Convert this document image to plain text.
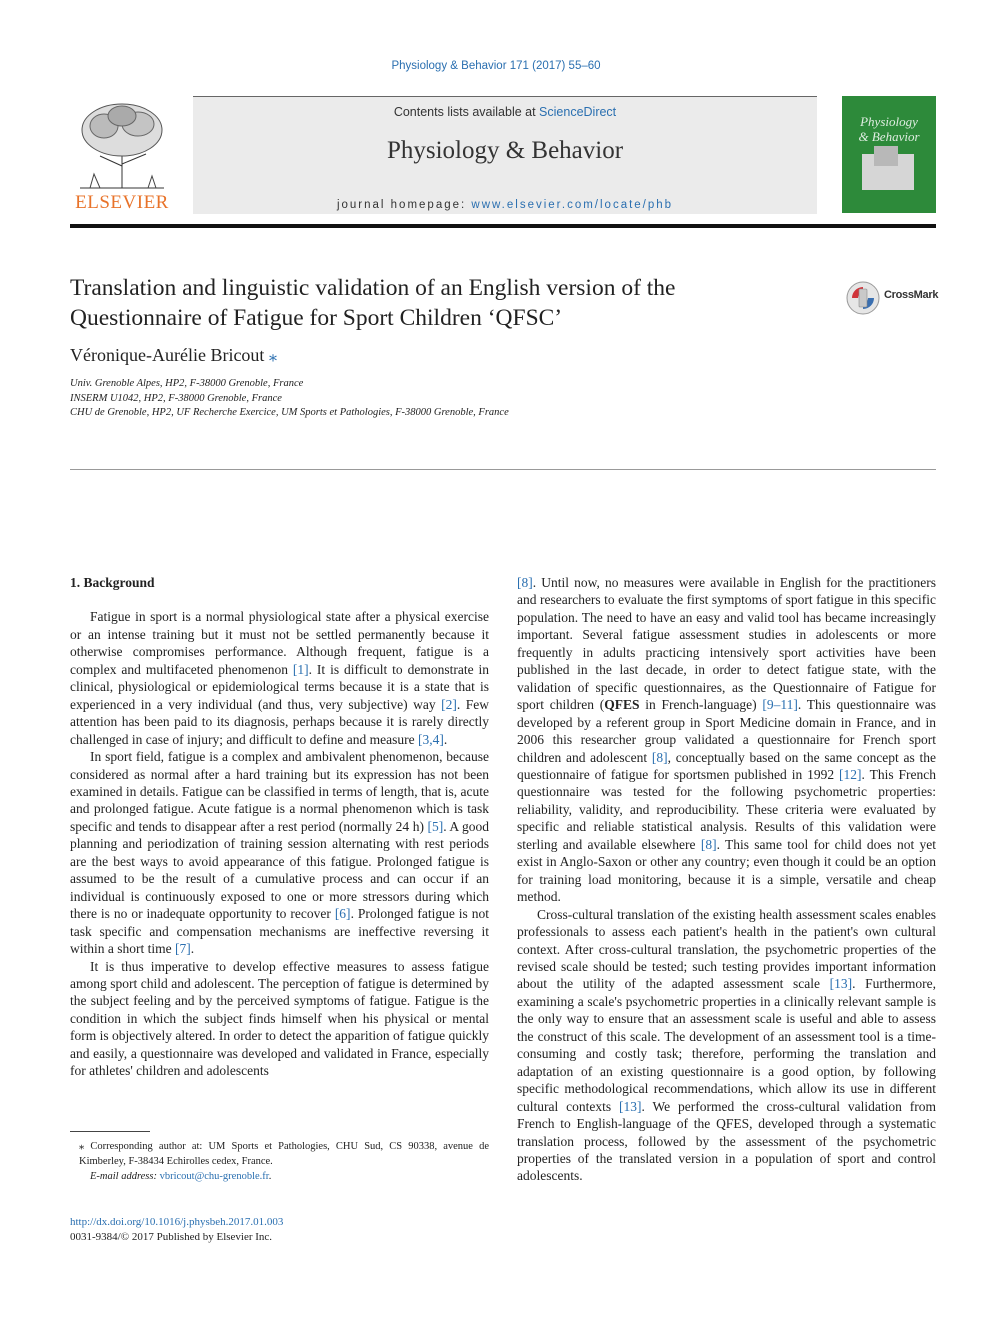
Physiology & Behavior 171 (2017) 55–60
ELSEVIER
Contents lists available at ScienceDirect
Physiology & Behavior
journal homepage: www.elsevier.com/locate/phb
Physiology
& Behavior
Translation and linguistic validation of an English version of the
Questionnaire of Fatigue for Sport Children ‘QFSC’
CrossMark
Véronique-Aurélie Bricout ⁎
Univ. Grenoble Alpes, HP2, F-38000 Grenoble, France
INSERM U1042, HP2, F-38000 Grenoble, France
CHU de Grenoble, HP2, UF Recherche Exercice, UM Sports et Pathologies, F-38000 Grenoble, France
1. Background

Fatigue in sport is a normal physiological state after a physical exercise or an intense training but it must not be settled permanently because it otherwise compromises performance. Although frequent, fatigue is a complex and multifaceted phenomenon [1]. It is difficult to demonstrate in clinical, physiological or epidemiological terms because it is a state that is experienced in a very individual (and thus, very subjective) way [2]. Few attention has been paid to its diagnosis, perhaps because it is rarely directly challenged in case of injury; and difficult to define and measure [3,4].

In sport field, fatigue is a complex and ambivalent phenomenon, because considered as normal after a hard training but its expression has not been examined in details. Fatigue can be classified in terms of length, that is, acute and prolonged fatigue. Acute fatigue is a normal phenomenon which is task specific and tends to disappear after a rest period (normally 24 h) [5]. A good planning and periodization of training session alternating with rest periods are the best ways to avoid appearance of this fatigue. Prolonged fatigue is assumed to be the result of a cumulative process and can occur if an individual is continuously exposed to one or more stressors during which there is no or inadequate opportunity to recover [6]. Prolonged fatigue is not task specific and compensation mechanisms are ineffective reversing it within a short time [7].

It is thus imperative to develop effective measures to assess fatigue among sport child and adolescent. The perception of fatigue is determined by the subject feeling and by the perceived symptoms of fatigue. Fatigue is the condition in which the subject finds himself when his physical or mental form is objectively altered. In order to detect the apparition of fatigue quickly and easily, a questionnaire was developed and validated in France, especially for athletes' children and adolescents

[8]. Until now, no measures were available in English for the practitioners and researchers to evaluate the first symptoms of sport fatigue in this specific population. The need to have an easy and valid tool has became increasingly important. Several fatigue assessment studies in adolescents or more frequently in adults practicing intensively sport activities have been published in the last decade, in order to detect fatigue state, with the validation of specific questionnaires, as the Questionnaire of Fatigue for sport children (QFES in French-language) [9–11]. This questionnaire was developed by a referent group in Sport Medicine domain in France, and in 2006 this researcher group validated a questionnaire for French sport children and adolescent [8], conceptually based on the same concept as the questionnaire of fatigue for sportsmen published in 1992 [12]. This French questionnaire was tested for the following psychometric properties: reliability, validity, and reproducibility. These criteria were evaluated by specific and reliable statistical analysis. Results of this validation were sterling and available elsewhere [8]. This same tool for child does not yet exist in Anglo-Saxon or other any country; even though it could be an option for training load monitoring, because it is a simple, versatile and cheap method.

Cross-cultural translation of the existing health assessment scales enables professionals to assess each patient's health in the patient's own cultural context. After cross-cultural translation, the psychometric properties of the revised scale should be tested; such testing provides important information about the utility of the adapted assessment scale [13]. Furthermore, examining a scale's psychometric properties in a clinically relevant sample is the only way to ensure that an assessment scale is useful and able to assess the construct of this scale. The development of an assessment tool is a time-consuming and costly task; therefore, performing the translation and adaptation of an existing questionnaire is a good option, by following specific methodological recommendations, which allow its use in different cultural contexts [13]. We performed the cross-cultural validation from French to English-language of the QFES, developed through a systematic translation process, followed by the assessment of the psychometric properties of the translated version in a population of sport and control adolescents.

⁎ Corresponding author at: UM Sports et Pathologies, CHU Sud, CS 90338, avenue de Kimberley, F-38434 Echirolles cedex, France.
E-mail address: vbricout@chu-grenoble.fr.
http://dx.doi.org/10.1016/j.physbeh.2017.01.003
0031-9384/© 2017 Published by Elsevier Inc.
